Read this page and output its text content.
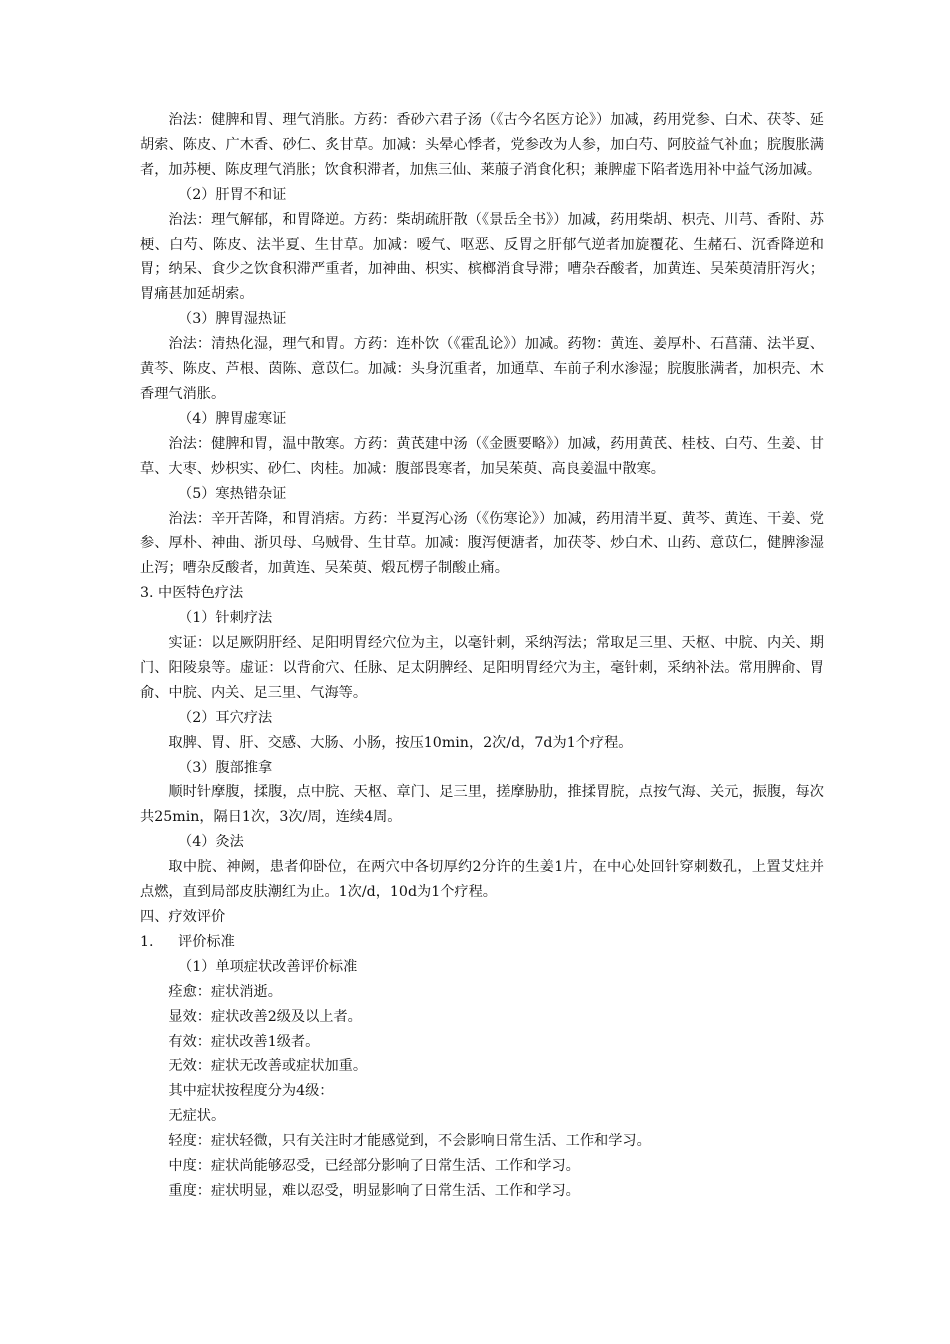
治法：健脾和胃、理气消胀。方药：香砂六君子汤（《古今名医方论》）加减，药用党参、白术、茯苓、延胡索、陈皮、广木香、砂仁、炙甘草。加减：头晕心悸者，党参改为人参，加白芍、阿胶益气补血；脘腹胀满者，加苏梗、陈皮理气消胀；饮食积滞者，加焦三仙、莱菔子消食化积；兼脾虚下陷者选用补中益气汤加减。

（2）肝胃不和证

治法：理气解郁，和胃降逆。方药：柴胡疏肝散（《景岳全书》）加减，药用柴胡、枳壳、川芎、香附、苏梗、白芍、陈皮、法半夏、生甘草。加减：嗳气、呕恶、反胃之肝郁气逆者加旋覆花、生赭石、沉香降逆和胃；纳呆、食少之饮食积滞严重者，加神曲、枳实、槟榔消食导滞；嘈杂吞酸者，加黄连、吴茱萸清肝泻火；胃痛甚加延胡索。

（3）脾胃湿热证

治法：清热化湿，理气和胃。方药：连朴饮（《霍乱论》）加减。药物：黄连、姜厚朴、石菖蒲、法半夏、黄芩、陈皮、芦根、茵陈、意苡仁。加减：头身沉重者，加通草、车前子利水渗湿；脘腹胀满者，加枳壳、木香理气消胀。

（4）脾胃虚寒证

治法：健脾和胃，温中散寒。方药：黄芪建中汤（《金匮要略》）加减，药用黄芪、桂枝、白芍、生姜、甘草、大枣、炒枳实、砂仁、肉桂。加减：腹部畏寒者，加吴茱萸、高良姜温中散寒。

（5）寒热错杂证

治法：辛开苦降，和胃消痞。方药：半夏泻心汤（《伤寒论》）加减，药用清半夏、黄芩、黄连、干姜、党参、厚朴、神曲、浙贝母、乌贼骨、生甘草。加减：腹泻便溏者，加茯苓、炒白术、山药、意苡仁，健脾渗湿止泻；嘈杂反酸者，加黄连、吴茱萸、煅瓦楞子制酸止痛。

3. 中医特色疗法

（1）针刺疗法

实证：以足厥阴肝经、足阳明胃经穴位为主，以毫针刺，采纳泻法；常取足三里、天枢、中脘、内关、期门、阳陵泉等。虚证：以背俞穴、任脉、足太阴脾经、足阳明胃经穴为主，毫针刺，采纳补法。常用脾俞、胃俞、中脘、内关、足三里、气海等。

（2）耳穴疗法

取脾、胃、肝、交感、大肠、小肠，按压10min，2次/d，7d为1个疗程。

（3）腹部推拿

顺时针摩腹，揉腹，点中脘、天枢、章门、足三里，搓摩胁肋，推揉胃脘，点按气海、关元，振腹，每次共25min，隔日1次，3次/周，连续4周。

（4）灸法

取中脘、神阙，患者仰卧位，在两穴中各切厚约2分许的生姜1片，在中心处回针穿刺数孔，上置艾炷并点燃，直到局部皮肤潮红为止。1次/d，10d为1个疗程。

四、疗效评价

1. 评价标准

（1）单项症状改善评价标准

痊愈：症状消逝。

显效：症状改善2级及以上者。

有效：症状改善1级者。

无效：症状无改善或症状加重。

其中症状按程度分为4级：

无症状。

轻度：症状轻微，只有关注时才能感觉到，不会影响日常生活、工作和学习。

中度：症状尚能够忍受，已经部分影响了日常生活、工作和学习。

重度：症状明显，难以忍受，明显影响了日常生活、工作和学习。
